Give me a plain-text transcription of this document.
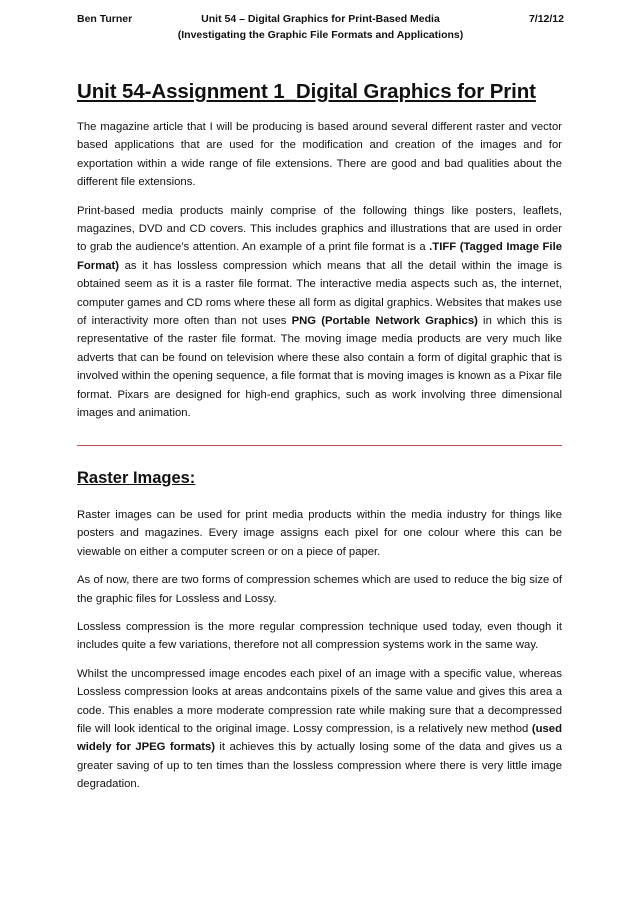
Ben Turner	Unit 54 – Digital Graphics for Print-Based Media
(Investigating the Graphic File Formats and Applications)
7/12/12
Unit 54-Assignment 1_Digital Graphics for Print

The magazine article that I will be producing is based around several different raster and vector based applications that are used for the modification and creation of the images and for exportation within a wide range of file extensions. There are good and bad qualities about the different file extensions.

Print-based media products mainly comprise of the following things like posters, leaflets, magazines, DVD and CD covers. This includes graphics and illustrations that are used in order to grab the audience’s attention. An example of a print file format is a .TIFF (Tagged Image File Format) as it has lossless compression which means that all the detail within the image is obtained seem as it is a raster file format. The interactive media aspects such as, the internet, computer games and CD roms where these all form as digital graphics. Websites that makes use of interactivity more often than not uses PNG (Portable Network Graphics) in which this is representative of the raster file format. The moving image media products are very much like adverts that can be found on television where these also contain a form of digital graphic that is involved within the opening sequence, a file format that is moving images is known as a Pixar file format. Pixars are designed for high-end graphics, such as work involving three dimensional images and animation.

Raster Images:

Raster images can be used for print media products within the media industry for things like posters and magazines. Every image assigns each pixel for one colour where this can be viewable on either a computer screen or on a piece of paper.

As of now, there are two forms of compression schemes which are used to reduce the big size of the graphic files for Lossless and Lossy.

Lossless compression is the more regular compression technique used today, even though it includes quite a few variations, therefore not all compression systems work in the same way.

Whilst the uncompressed image encodes each pixel of an image with a specific value, whereas Lossless compression looks at areas andcontains pixels of the same value and gives this area a code. This enables a more moderate compression rate while making sure that a decompressed file will look identical to the original image. Lossy compression, is a relatively new method (used widely for JPEG formats) it achieves this by actually losing some of the data and gives us a greater saving of up to ten times than the lossless compression where there is very little image degradation.
